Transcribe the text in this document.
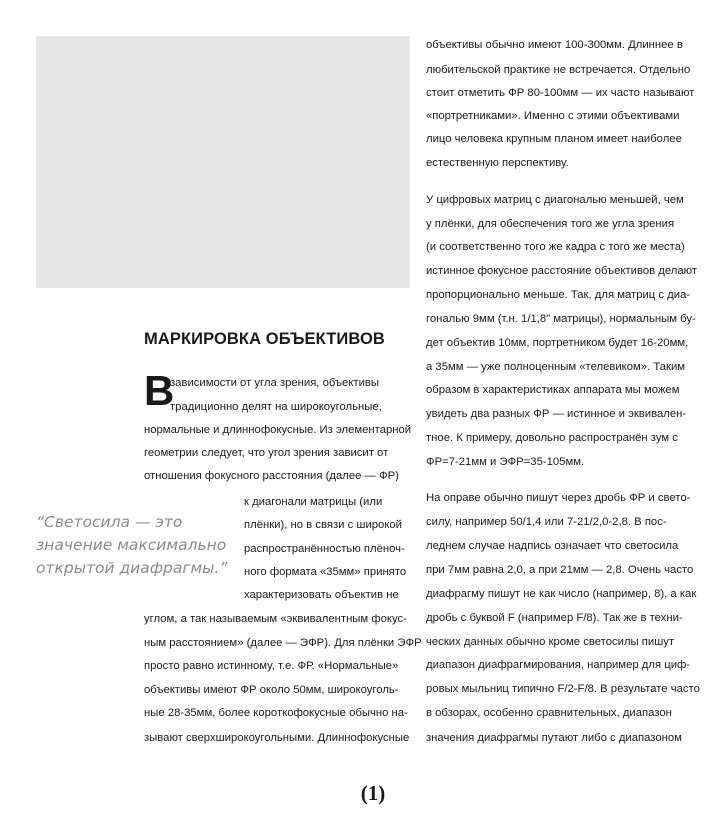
МАРКИРОВКА ОБЪЕКТИВОВ
В
зависимости от угла зрения, объективы
традиционно делят на широкоугольные,
нормальные и длиннофокусные. Из элементарной
геометрии следует, что угол зрения зависит от
отношения фокусного расстояния (далее — ФР)
к диагонали матрицы (или
плёнки), но в связи с широкой
распространённостью плёноч-
ного формата «35мм» принято
характеризовать объектив не
углом, а так называемым «эквивалентным фокус-
ным расстоянием» (далее — ЭФР). Для плёнки ЭФР
просто равно истинному, т.е. ФР. «Нормальные»
объективы имеют ФР около 50мм, широкоуголь-
ные 28-35мм, более короткофокусные обычно на-
зывают сверхширокоугольными. Длиннофокусные

“Светосила — это значение максимально открытой диафрагмы.”

объективы обычно имеют 100-300мм. Длиннее в
любительской практике не встречается. Отдельно
стоит отметить ФР 80-100мм — их часто называют
«портретниками». Именно с этими объективами
лицо человека крупным планом имеет наиболее
естественную перспективу.
У цифровых матриц с диагональю меньшей, чем
у плёнки, для обеспечения того же угла зрения
(и соответственно того же кадра с того же места)
истинное фокусное расстояние объективов делают
пропорционально меньше. Так, для матриц с диа-
гональю 9мм (т.н. 1/1,8" матрицы), нормальным бу-
дет объектив 10мм, портретником будет 16-20мм,
а 35мм — уже полноценным «телевиком». Таким
образом в характеристиках аппарата мы можем
увидеть два разных ФР — истинное и эквивален-
тное. К примеру, довольно распространён зум с
ФР=7-21мм и ЭФР=35-105мм.
На оправе обычно пишут через дробь ФР и свето-
силу, например 50/1,4 или 7-21/2,0-2,8. В пос-
леднем случае надпись означает что светосила
при 7мм равна 2,0, а при 21мм — 2,8. Очень часто
диафрагму пишут не как число (например, 8), а как
дробь с буквой F (например F/8). Так же в техни-
ческих данных обычно кроме светосилы пишут
диапазон диафрагмирования, например для циф-
ровых мыльниц типично F/2-F/8. В результате часто
в обзорах, особенно сравнительных, диапазон
значения диафрагмы путают либо с диапазоном
(1)
